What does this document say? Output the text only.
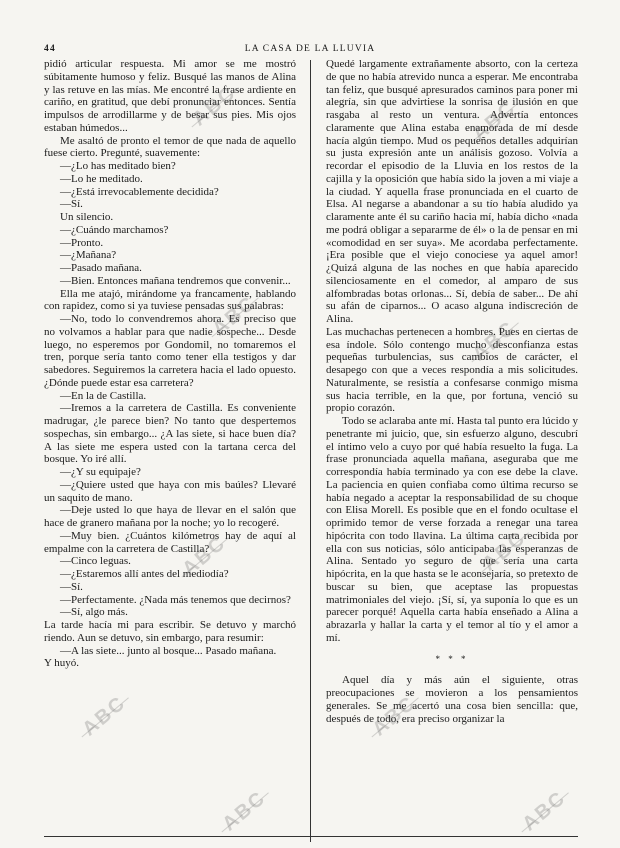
44	LA CASA DE LA LLUVIA

pidió articular respuesta. Mi amor se me mostró súbitamente humoso y feliz. Busqué las manos de Alina y las retuve en las mías. Me encontré la frase ardiente en cariño, en gratitud, que debí pronunciar entonces. Sentía impulsos de arrodillarme y de besar sus pies. Mis ojos estaban húmedos...

Me asaltó de pronto el temor de que nada de aquello fuese cierto. Pregunté, suavemente:

—¿Lo has meditado bien?

—Lo he meditado.

—¿Está irrevocablemente decidida?

—Sí.

Un silencio.

—¿Cuándo marchamos?

—Pronto.

—¿Mañana?

—Pasado mañana.

—Bien. Entonces mañana tendremos que convenir...

Ella me atajó, mirándome ya francamente, hablando con rapidez, como si ya tuviese pensadas sus palabras:

—No, todo lo convendremos ahora. Es preciso que no volvamos a hablar para que nadie sospeche... Desde luego, no esperemos por Gondomil, no tomaremos el tren, porque sería tanto como tener ella testigos y dar sabedores. Seguiremos la carretera hacia el lado opuesto. ¿Dónde puede estar esa carretera?

—En la de Castilla.

—Iremos a la carretera de Castilla. Es conveniente madrugar, ¿le parece bien? No tanto que despertemos sospechas, sin embargo... ¿A las siete, si hace buen día? A las siete me espera usted con la tartana cerca del bosque. Yo iré allí.

—¿Y su equipaje?

—¿Quiere usted que haya con mis baúles? Llevaré un saquito de mano.

—Deje usted lo que haya de llevar en el salón que hace de granero mañana por la noche; yo lo recogeré.

—Muy bien. ¿Cuántos kilómetros hay de aquí al empalme con la carretera de Castilla?

—Cinco leguas.

—¿Estaremos allí antes del mediodía?

—Sí.

—Perfectamente. ¿Nada más tenemos que decirnos?

—Sí, algo más.

La tarde hacía mi para escribir. Se detuvo y marchó riendo. Aun se detuvo, sin embargo, para resumir:

—A las siete... junto al bosque... Pasado mañana.

Y huyó.

Quedé largamente extrañamente absorto, con la certeza de que no había atrevido nunca a esperar. Me encontraba tan feliz, que busqué apresurados caminos para poner mi alegría, sin que advirtiese la sonrisa de ilusión en que rasgaba al resto un ventura. Advertía entonces claramente que Alina estaba enamorada de mí desde hacía algún tiempo. Mud os pequeños detalles adquirían su justa expresión ante un análisis gozoso. Volvía a recordar el episodio de la Lluvia en los restos de la cajilla y la oposición que había sido la joven a mi viaje a la ciudad. Y aquella frase pronunciada en el cuarto de Elsa. Al negarse a abandonar a su tío había aludido ya claramente ante él su cariño hacia mí, había dicho «nada me podrá obligar a separarme de él» o la de pensar en mi «comodidad en ser suya». Me acordaba perfectamente. ¡Era posible que el viejo conociese ya aquel amor! ¿Quizá alguna de las noches en que había aparecido silenciosamente en el comedor, al amparo de sus alfombradas botas orlonas... Sí, debía de saber... De ahí su afán de ciparnos... O acaso alguna indiscreción de Alina.

Las muchachas pertenecen a hombres. Pues en ciertas de esa índole. Sólo contengo mucho desconfianza estas pequeñas turbulencias, sus cambios de carácter, el desapego con que a veces respondía a mis solicitudes. Naturalmente, se resistía a confesarse conmigo misma sus hacia terrible, en la que, por fortuna, venció su propio corazón.

Todo se aclaraba ante mí. Hasta tal punto era lúcido y penetrante mi juicio, que, sin esfuerzo alguno, descubrí el íntimo velo a cuyo por qué había resuelto la fuga. La frase pronunciada aquella mañana, aseguraba que me correspondía había terminado ya con ese debe la clave. La paciencia en quien confiaba como última recurso se había negado a aceptar la responsabilidad de su choque con Elisa Morell. Es posible que en el fondo ocultase el oprimido temor de verse forzada a renegar una tarea hipócrita con todo llavina. La última carta recibida por ella con sus noticias, sólo anticipaba las esperanzas de Alina. Sentado yo seguro de que sería una carta hipócrita, en la que hasta se le aconsejaría, so pretexto de buscar su bien, que aceptase las propuestas matrimoniales del viejo. ¡Sí, sí, ya suponía lo que es un parecer porqué! Aquella carta había enseñado a Alina a abrazarla y hallar la carta y el temor al tío y el amor a mí.

* * *

Aquel día y más aún el siguiente, otras preocupaciones se movieron a los pensamientos generales. Se me acertó una cosa bien sencilla: que, después de todo, era preciso organizar la

ABC	ABC
ABC
ABC
ABC	ABC
ABC	ABC
ABC	ABC
